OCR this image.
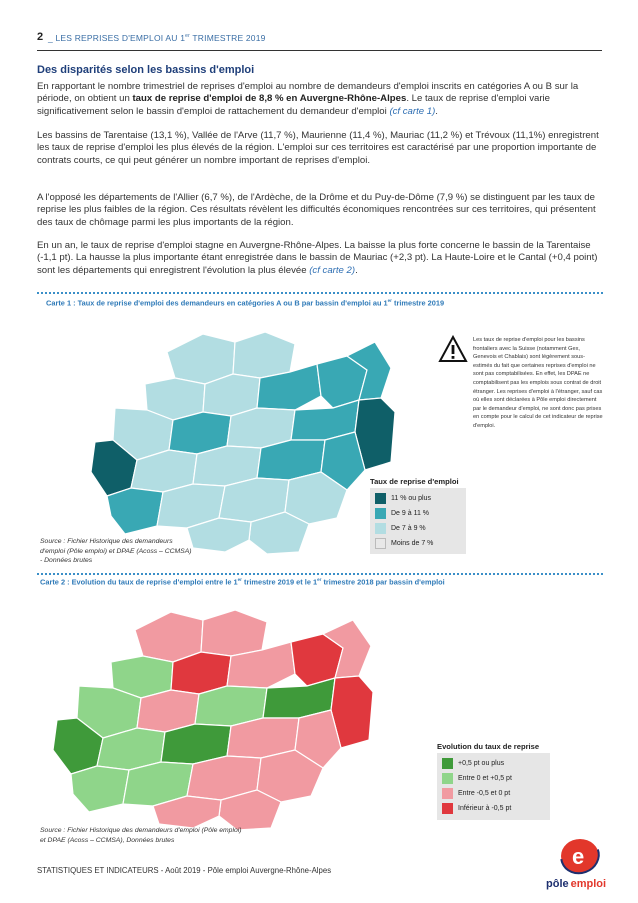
2 _ LES REPRISES D'EMPLOI AU 1er TRIMESTRE 2019
Des disparités selon les bassins d'emploi
En rapportant le nombre trimestriel de reprises d'emploi au nombre de demandeurs d'emploi inscrits en catégories A ou B sur la période, on obtient un taux de reprise d'emploi de 8,8 % en Auvergne-Rhône-Alpes. Le taux de reprise d'emploi varie significativement selon le bassin d'emploi de rattachement du demandeur d'emploi (cf carte 1).
Les bassins de Tarentaise (13,1 %), Vallée de l'Arve (11,7 %), Maurienne (11,4 %), Mauriac (11,2 %) et Trévoux (11,1%) enregistrent les taux de reprise d'emploi les plus élevés de la région. L'emploi sur ces territoires est caractérisé par une proportion importante de contrats courts, ce qui peut générer un nombre important de reprises d'emploi.
A l'opposé les départements de l'Allier (6,7 %), de l'Ardèche, de la Drôme et du Puy-de-Dôme (7,9 %) se distinguent par les taux de reprise les plus faibles de la région. Ces résultats révèlent les difficultés économiques rencontrées sur ces territoires, qui présentent des taux de chômage parmi les plus importants de la région.
En un an, le taux de reprise d'emploi stagne en Auvergne-Rhône-Alpes. La baisse la plus forte concerne le bassin de la Tarentaise (-1,1 pt). La hausse la plus importante étant enregistrée dans le bassin de Mauriac (+2,3 pt). La Haute-Loire et le Cantal (+0,4 point) sont les départements qui enregistrent l'évolution la plus élevée (cf carte 2).
Carte 1 : Taux de reprise d'emploi des demandeurs en catégories A ou B par bassin d'emploi au 1er trimestre 2019
Les taux de reprise d'emploi pour les bassins frontaliers avec la Suisse (notamment Gex, Genevois et Chablais) sont légèrement sous-estimés du fait que certaines reprises d'emploi ne sont pas comptabilisées. En effet, les DPAE ne comptabilisent pas les emplois sous contrat de droit étranger. Les reprises d'emploi à l'étranger, sauf cas où elles sont déclarées à Pôle emploi directement par le demandeur d'emploi, ne sont donc pas prises en compte pour le calcul de cet indicateur de reprise d'emploi.
Taux de reprise d'emploi
11 % ou plus
De 9 à 11 %
De 7 à 9 %
Moins de 7 %
Source : Fichier Historique des demandeurs
d'emploi (Pôle emploi) et DPAE (Acoss – CCMSA)
- Données brutes
Carte 2 : Evolution du taux de reprise d'emploi entre le 1er trimestre 2019 et le 1er trimestre 2018 par bassin d'emploi
Evolution du taux de reprise
+0,5 pt ou plus
Entre 0 et +0,5 pt
Entre -0,5 et 0 pt
Inférieur à -0,5 pt
Source : Fichier Historique des demandeurs d'emploi (Pôle emploi)
et DPAE (Acoss – CCMSA), Données brutes
STATISTIQUES ET INDICATEURS - Août 2019 - Pôle emploi Auvergne-Rhône-Alpes
e
pôle emploi
